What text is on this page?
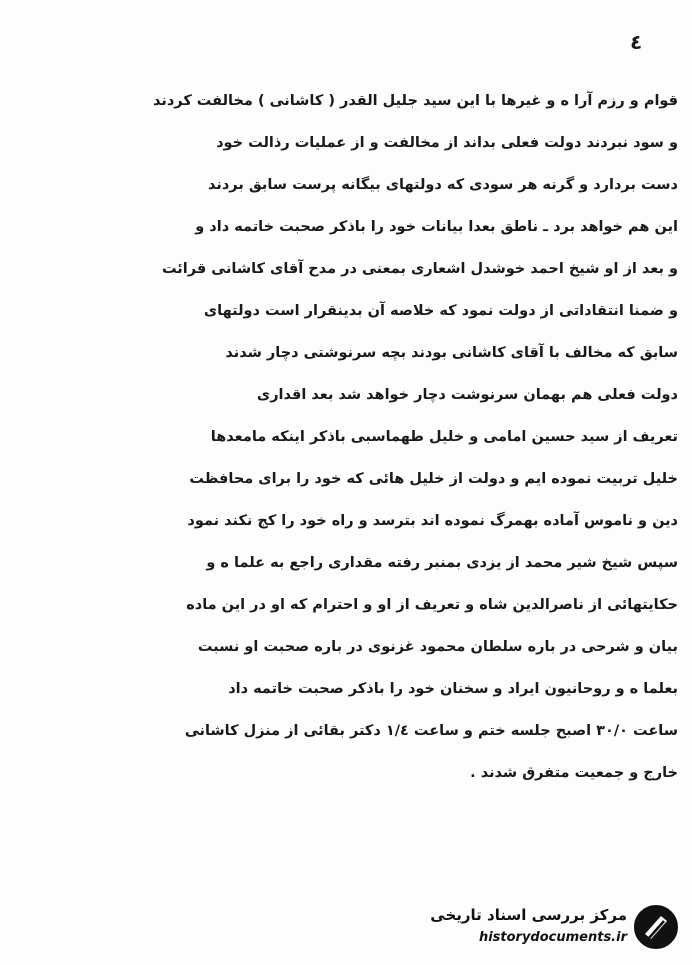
٤
قوام و رزم آرا ه و غیرها با این سید جلیل القدر ( کاشانی ) مخالفت کردند
و سود نبردند دولت فعلی بداند از مخالفت و از عملیات رذالت خود
دست بردارد و گرنه هر سودی که دولتهای بیگانه پرست سابق بردند
این هم خواهد برد ـ ناطق بعدا بیانات خود را باذکر صحبت خاتمه داد و
و بعد از او شیخ احمد خوشدل اشعاری بمعنی در مدح آقای کاشانی قرائت
و ضمنا انتقاداتی از دولت نمود که خلاصه آن بدینقرار است دولتهای
سابق که مخالف با آقای کاشانی بودند بچه سرنوشتی دچار شدند
دولت فعلی هم بهمان سرنوشت دچار خواهد شد بعد اقداری
تعریف از سید حسین امامی و خلیل طهماسبی باذکر اینکه مامعدها
خلیل تربیت نموده ایم و دولت از خلیل هائی که خود را برای محافظت
دین و ناموس آماده بهمرگ نموده اند بترسد و راه خود را کج نکند نمود
سپس شیخ شیر محمد از یزدی بمنبر رفته مقداری راجع به علما ه و
حکایتهائی از ناصرالدین شاه و تعریف از او و احترام که او در این ماده
بیان و شرحی در باره سلطان محمود غزنوی در باره صحبت او نسبت
بعلما ه و روحانیون ایراد و سخنان خود را باذکر صحبت خاتمه داد
ساعت ۳۰/۰ اصبح جلسه ختم و ساعت ۱/٤ دکتر بقائی از منزل کاشانی
خارج و جمعیت متفرق شدند .
مرکز بررسی اسناد تاریخی
historydocuments.ir
